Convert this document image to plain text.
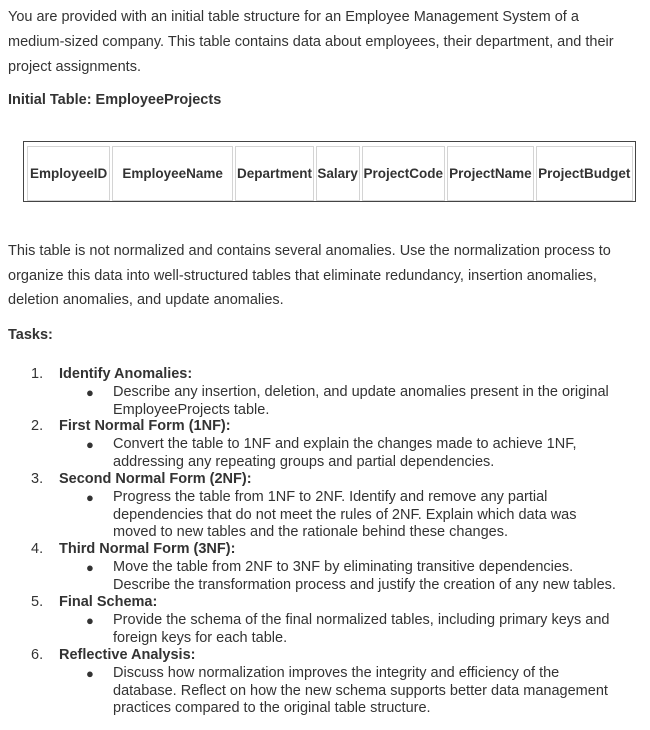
You are provided with an initial table structure for an Employee Management System of a
medium-sized company. This table contains data about employees, their department, and their
project assignments.

Initial Table: EmployeeProjects

EmployeeID	EmployeeName	Department	Salary	ProjectCode	ProjectName	ProjectBudget

This table is not normalized and contains several anomalies. Use the normalization process to
organize this data into well-structured tables that eliminate redundancy, insertion anomalies,
deletion anomalies, and update anomalies.

Tasks:

1. Identify Anomalies:
● Describe any insertion, deletion, and update anomalies present in the original
EmployeeProjects table.
2. First Normal Form (1NF):
● Convert the table to 1NF and explain the changes made to achieve 1NF,
addressing any repeating groups and partial dependencies.
3. Second Normal Form (2NF):
● Progress the table from 1NF to 2NF. Identify and remove any partial
dependencies that do not meet the rules of 2NF. Explain which data was
moved to new tables and the rationale behind these changes.
4. Third Normal Form (3NF):
● Move the table from 2NF to 3NF by eliminating transitive dependencies.
Describe the transformation process and justify the creation of any new tables.
5. Final Schema:
● Provide the schema of the final normalized tables, including primary keys and
foreign keys for each table.
6. Reflective Analysis:
● Discuss how normalization improves the integrity and efficiency of the
database. Reflect on how the new schema supports better data management
practices compared to the original table structure.
